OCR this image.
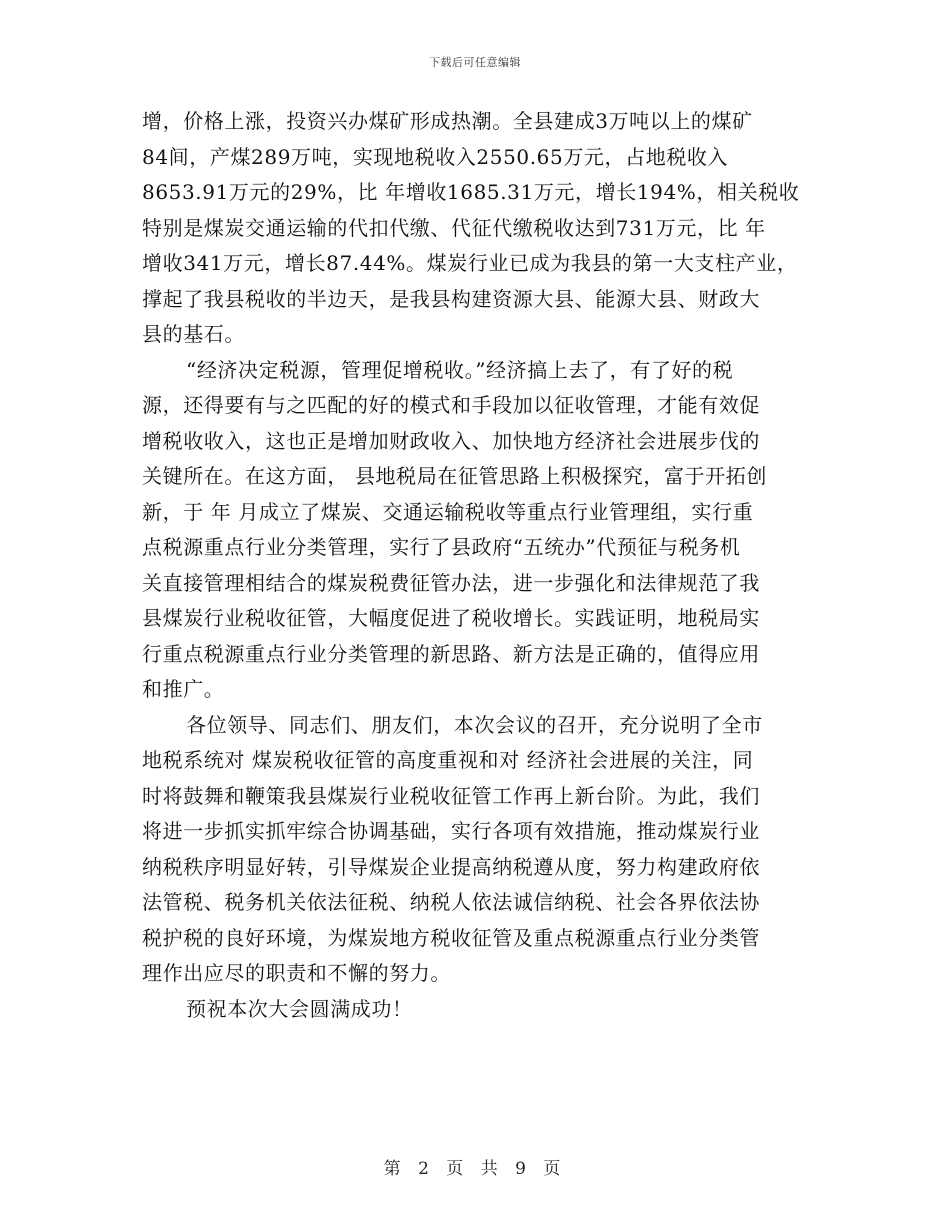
下载后可任意编辑

增，价格上涨，投资兴办煤矿形成热潮。全县建成3万吨以上的煤矿
84间，产煤289万吨，实现地税收入2550.65万元，占地税收入
8653.91万元的29%，比 年增收1685.31万元，增长194%，相关税收
特别是煤炭交通运输的代扣代缴、代征代缴税收达到731万元，比 年
增收341万元，增长87.44%。煤炭行业已成为我县的第一大支柱产业，
撑起了我县税收的半边天，是我县构建资源大县、能源大县、财政大
县的基石。

“经济决定税源，管理促增税收。”经济搞上去了，有了好的税
源，还得要有与之匹配的好的模式和手段加以征收管理，才能有效促
增税收收入，这也正是增加财政收入、加快地方经济社会进展步伐的
关键所在。在这方面， 县地税局在征管思路上积极探究，富于开拓创
新，于 年 月成立了煤炭、交通运输税收等重点行业管理组，实行重
点税源重点行业分类管理，实行了县政府“五统办”代预征与税务机
关直接管理相结合的煤炭税费征管办法，进一步强化和法律规范了我
县煤炭行业税收征管，大幅度促进了税收增长。实践证明，地税局实
行重点税源重点行业分类管理的新思路、新方法是正确的，值得应用
和推广。

各位领导、同志们、朋友们，本次会议的召开，充分说明了全市
地税系统对 煤炭税收征管的高度重视和对 经济社会进展的关注，同
时将鼓舞和鞭策我县煤炭行业税收征管工作再上新台阶。为此，我们
将进一步抓实抓牢综合协调基础，实行各项有效措施，推动煤炭行业
纳税秩序明显好转，引导煤炭企业提高纳税遵从度，努力构建政府依
法管税、税务机关依法征税、纳税人依法诚信纳税、社会各界依法协
税护税的良好环境，为煤炭地方税收征管及重点税源重点行业分类管
理作出应尽的职责和不懈的努力。

预祝本次大会圆满成功！

第 2 页 共 9 页
